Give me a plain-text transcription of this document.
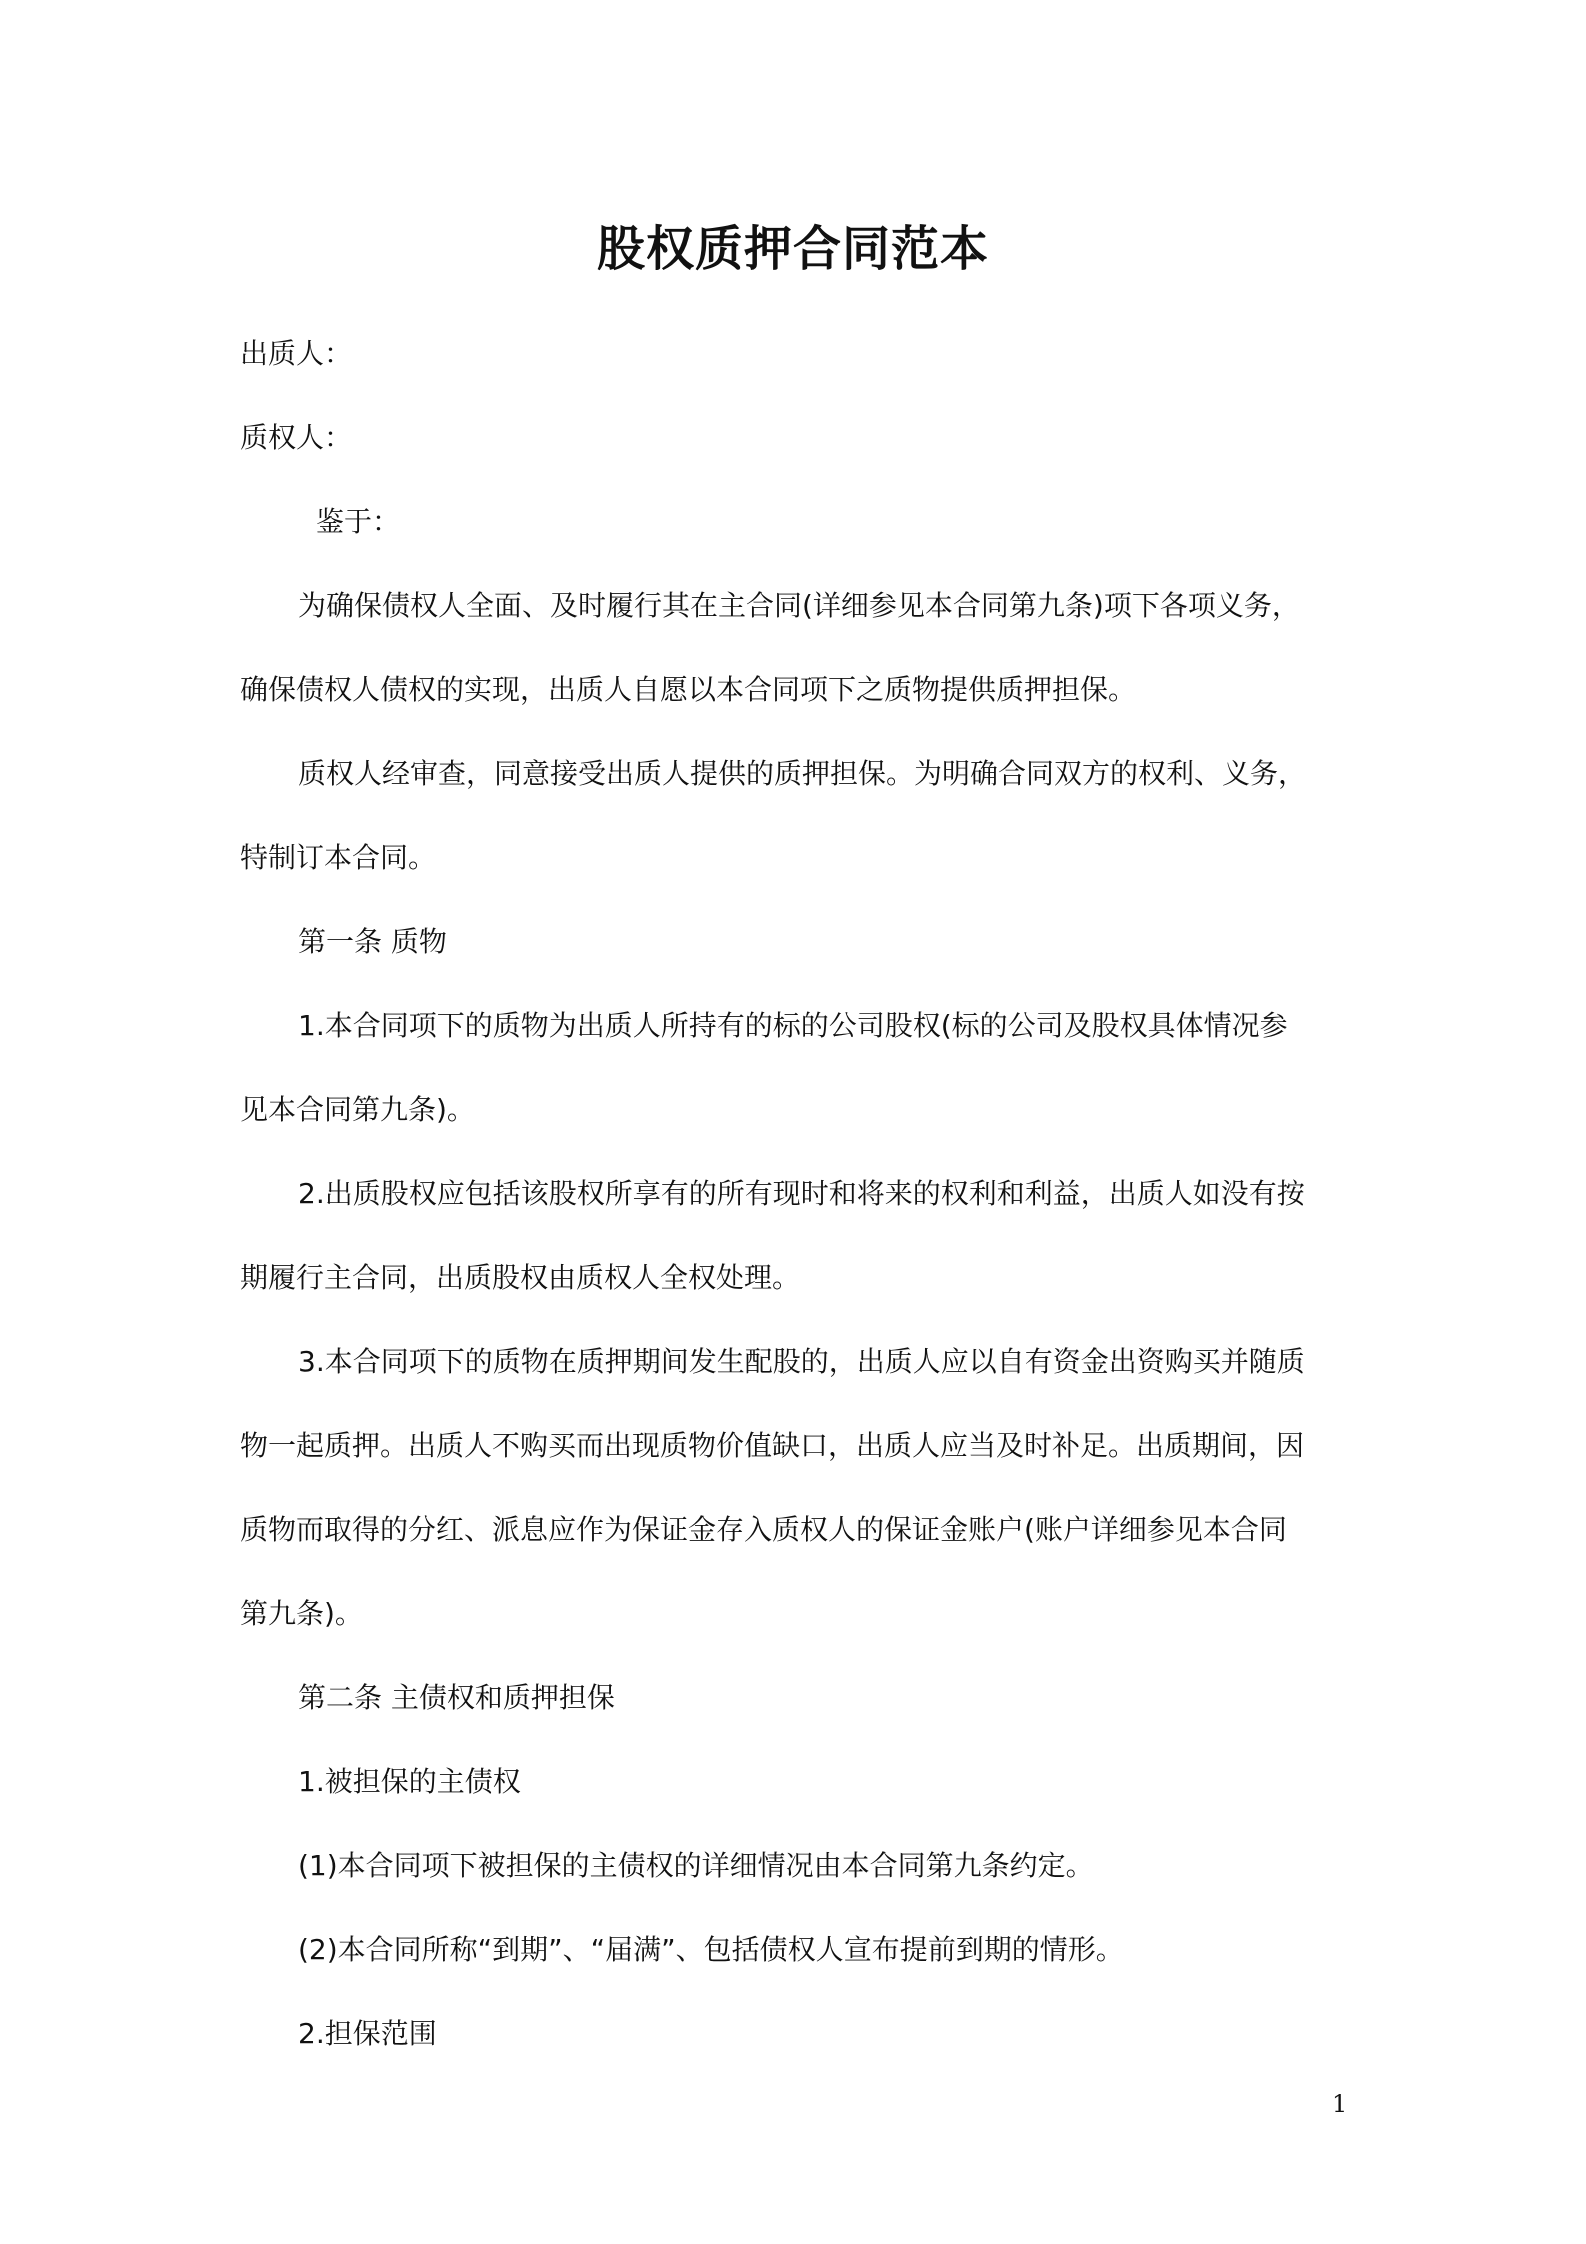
股权质押合同范本
出质人：
质权人：
鉴于：
为确保债权人全面、及时履行其在主合同(详细参见本合同第九条)项下各项义务，
确保债权人债权的实现，出质人自愿以本合同项下之质物提供质押担保。
质权人经审查，同意接受出质人提供的质押担保。为明确合同双方的权利、义务，
特制订本合同。
第一条 质物
1.本合同项下的质物为出质人所持有的标的公司股权(标的公司及股权具体情况参
见本合同第九条)。
2.出质股权应包括该股权所享有的所有现时和将来的权利和利益，出质人如没有按
期履行主合同，出质股权由质权人全权处理。
3.本合同项下的质物在质押期间发生配股的，出质人应以自有资金出资购买并随质
物一起质押。出质人不购买而出现质物价值缺口，出质人应当及时补足。出质期间，因
质物而取得的分红、派息应作为保证金存入质权人的保证金账户(账户详细参见本合同
第九条)。
第二条 主债权和质押担保
1.被担保的主债权
(1)本合同项下被担保的主债权的详细情况由本合同第九条约定。
(2)本合同所称“到期”、“届满”、包括债权人宣布提前到期的情形。
2.担保范围
1
